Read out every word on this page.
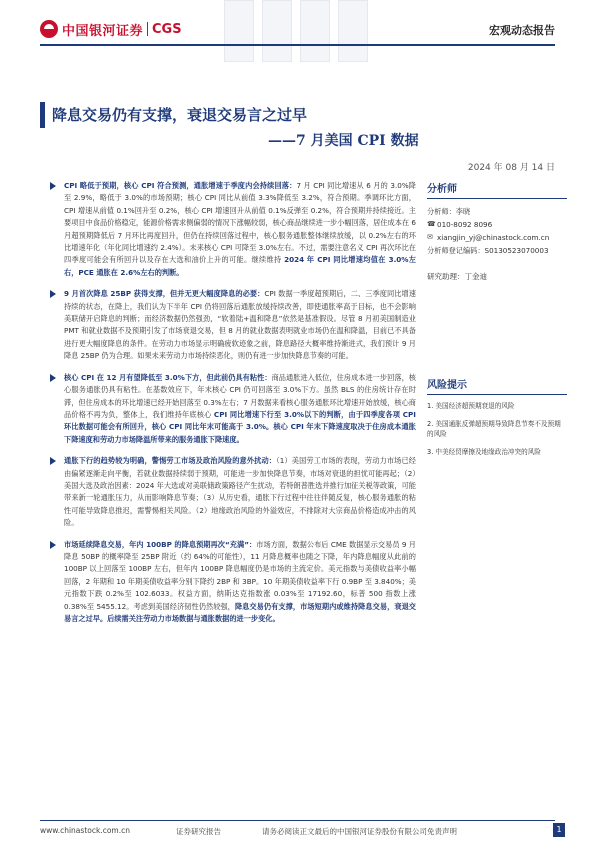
中国银河证券 CGS	宏观动态报告
降息交易仍有支撑，衰退交易言之过早
——7 月美国 CPI 数据
2024 年 08 月 14 日
CPI 略低于预期，核心 CPI 符合预测，通胀增速于季度内会持续回落：7 月 CPI 同比增速从 6 月的 3.0%降至 2.9%，略低于 3.0%的市场预期；核心 CPI 同比从前值 3.3%降低至 3.2%，符合预期。季调环比方面，CPI 增速从前值 0.1%回升至 0.2%，核心 CPI 增速回升从前值 0.1%反弹至 0.2%，符合预期并持续接近。主要项目中食品价格稳定，能源价格需求侧偏弱的情况下涨幅较弱，核心商品继续进一步小幅回落，居住成本在 6 月超预期降低后 7 月环比再度回升，但仍在持续回落过程中，核心服务通胀整体继续放缓，以 0.2%左右的环比增速年化（年化同比增速约 2.4%）。未来核心 CPI 可降至 3.0%左右。不过，需要注意名义 CPI 再次环比在四季度可能会有所回升以及存在大选和油价上升的可能。继续维持 2024 年 CPI 同比增速均值在 3.0%左右，PCE 通胀在 2.6%左右的判断。
9 月首次降息 25BP 获得支撑，但并无更大幅度降息的必要：CPI 数据一季度超预期后，二、三季度同比增速持续的状态，在降上，我们认为下半年 CPI 仍将回落后通胀放缓持续改善，即使通胀率高于目标，也不会影响美联储开启降息的判断；而经济数据仍然强劲，“软着陆+温和降息”依然是基准假设。尽管 8 月初美国制造业 PMT 和就业数据不及预期引发了市场衰退交易，但 8 月的就业数据表明就业市场仍在温和降温，目前已不具备进行更大幅度降息的条件。在劳动力市场显示明确疲软迹象之前，降息路径大概率维持渐进式，我们预计 9 月降息 25BP 仍为合理。如果未来劳动力市场持续恶化，则仍有进一步加快降息节奏的可能。
核心 CPI 在 12 月有望降低至 3.0%下方，但此前仍具有粘性：商品通胀进入低位，住房成本进一步回落，核心服务通胀仍具有粘性。在基数效应下，年末核心 CPI 仍可回落至 3.0%下方。虽然 BLS 的住房统计存在时滞，但住房成本的环比增速已经开始回落至 0.3%左右；7 月数据来看核心服务通胀环比增速开始放缓，核心商品价格不再为负，整体上，我们维持年底核心 CPI 同比增速下行至 3.0%以下的判断，由于四季度各项 CPI 环比数据可能会有所回升，核心 CPI 同比年末可能高于 3.0%。核心 CPI 年末下降速度取决于住房成本通胀下降速度和劳动力市场降温所带来的服务通胀下降速度。
通胀下行的趋势较为明确，警惕劳工市场及政治风险的意外扰动：（1）美国劳工市场的表现，劳动力市场已经由偏紧逐渐走向平衡，若就业数据持续弱于预期，可能进一步加快降息节奏，市场对衰退的担忧可能再起；（2）美国大选及政治因素：2024 年大选或对美联储政策路径产生扰动，若特朗普胜选并推行加征关税等政策，可能带来新一轮通胀压力，从而影响降息节奏；（3）从历史看，通胀下行过程中往往伴随反复，核心服务通胀的粘性可能导致降息推迟，需警惕相关风险。（2）地缘政治风险的外溢效应，不排除对大宗商品价格造成冲击的风险。
市场延续降息交易，年内 100BP 的降息预期再次“充满”：市场方面，数据公布后 CME 数据显示交易员 9 月降息 50BP 的概率降至 25BP 附近（约 64%的可能性），11 月降息概率也随之下降，年内降息幅度从此前的 100BP 以上回落至 100BP 左右，但年内 100BP 降息幅度仍是市场的主流定价。美元指数与美债收益率小幅回落，2 年期和 10 年期美债收益率分别下降约 2BP 和 3BP。10 年期美债收益率下行 0.9BP 至 3.840%；美元指数下跌 0.2%至 102.6033。权益方面，纳斯达克指数涨 0.03%至 17192.60，标普 500 指数上涨 0.38%至 5455.12。考虑到美国经济韧性仍然较强，降息交易仍有支撑，市场短期内或维持降息交易，衰退交易言之过早。后续需关注劳动力市场数据与通胀数据的进一步变化。
分析师
分析师：李晓
☎ 010-8092 8096
✉ xiangjin_yj@chinastock.com.cn
分析师登记编码：S0130523070003
研究助理：丁金迪
风险提示
1. 美国经济超预期衰退的风险
2. 美国通胀反弹超预期导致降息节奏不及预期的风险
3. 中美经贸摩擦及地缘政治冲突的风险
www.chinastock.com.cn	证券研究报告	请务必阅读正文最后的中国银河证券股份有限公司免责声明	1
